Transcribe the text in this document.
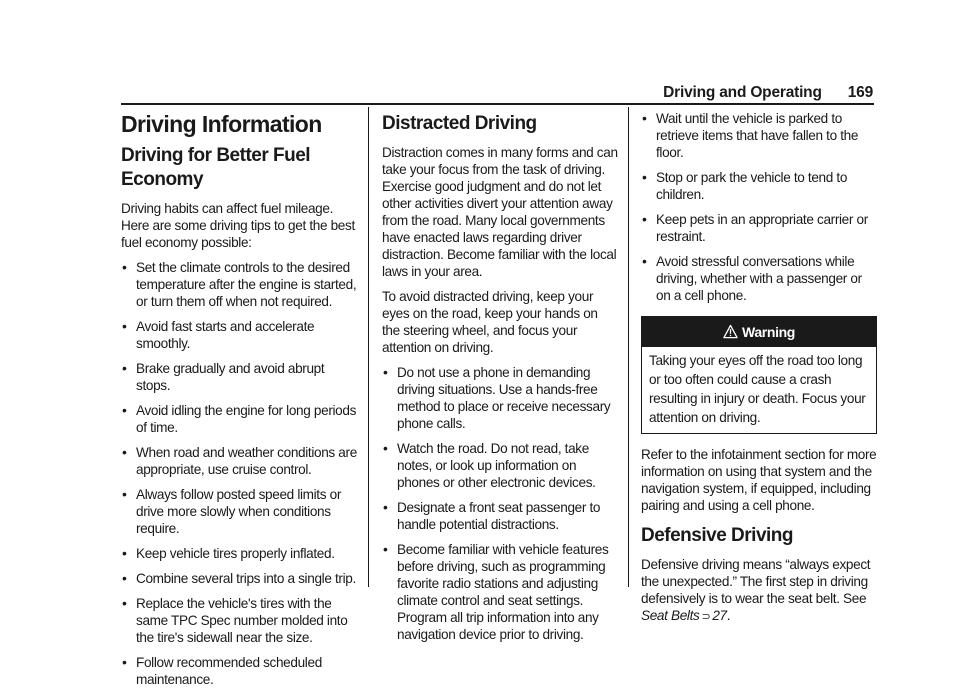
Driving and Operating 169
Driving Information
Driving for Better Fuel Economy

Driving habits can affect fuel mileage. Here are some driving tips to get the best fuel economy possible:

• Set the climate controls to the desired temperature after the engine is started, or turn them off when not required.
• Avoid fast starts and accelerate smoothly.
• Brake gradually and avoid abrupt stops.
• Avoid idling the engine for long periods of time.
• When road and weather conditions are appropriate, use cruise control.
• Always follow posted speed limits or drive more slowly when conditions require.
• Keep vehicle tires properly inflated.
• Combine several trips into a single trip.
• Replace the vehicle's tires with the same TPC Spec number molded into the tire's sidewall near the size.
• Follow recommended scheduled maintenance.
Distracted Driving

Distraction comes in many forms and can take your focus from the task of driving. Exercise good judgment and do not let other activities divert your attention away from the road. Many local governments have enacted laws regarding driver distraction. Become familiar with the local laws in your area.

To avoid distracted driving, keep your eyes on the road, keep your hands on the steering wheel, and focus your attention on driving.

• Do not use a phone in demanding driving situations. Use a hands-free method to place or receive necessary phone calls.
• Watch the road. Do not read, take notes, or look up information on phones or other electronic devices.
• Designate a front seat passenger to handle potential distractions.
• Become familiar with vehicle features before driving, such as programming favorite radio stations and adjusting climate control and seat settings. Program all trip information into any navigation device prior to driving.
• Wait until the vehicle is parked to retrieve items that have fallen to the floor.
• Stop or park the vehicle to tend to children.
• Keep pets in an appropriate carrier or restraint.
• Avoid stressful conversations while driving, whether with a passenger or on a cell phone.
Warning
Taking your eyes off the road too long or too often could cause a crash resulting in injury or death. Focus your attention on driving.

Refer to the infotainment section for more information on using that system and the navigation system, if equipped, including pairing and using a cell phone.

Defensive Driving

Defensive driving means “always expect the unexpected.” The first step in driving defensively is to wear the seat belt. See Seat Belts ⊃ 27.
